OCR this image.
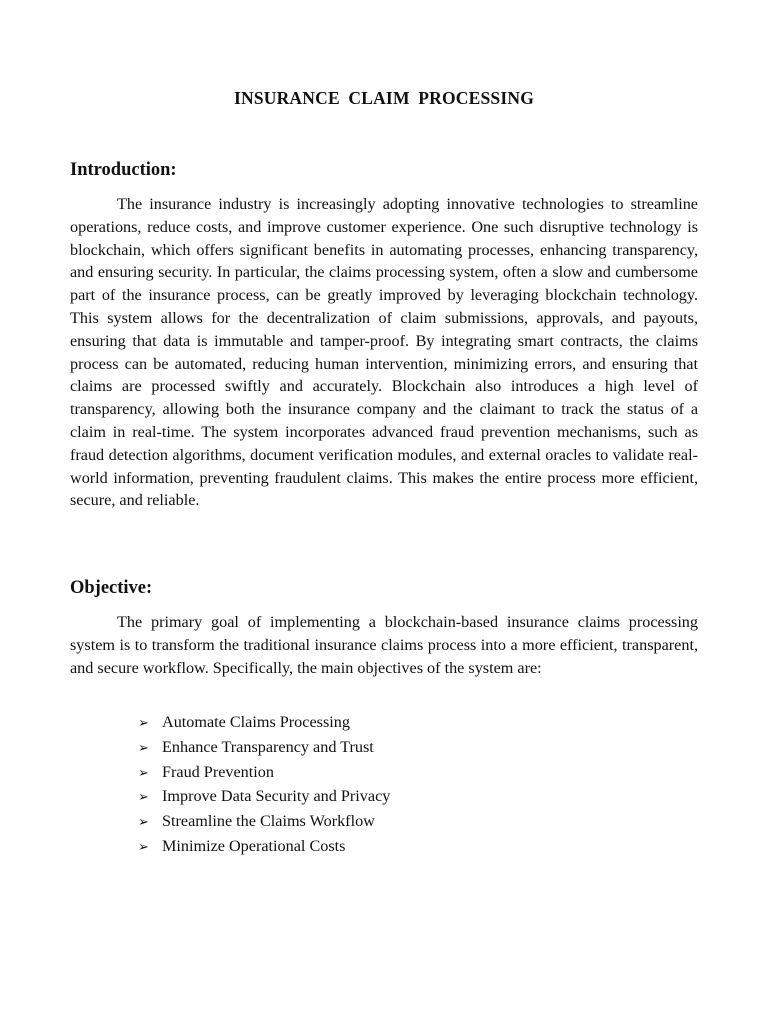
INSURANCE CLAIM PROCESSING
Introduction:

The insurance industry is increasingly adopting innovative technologies to streamline operations, reduce costs, and improve customer experience. One such disruptive technology is blockchain, which offers significant benefits in automating processes, enhancing transparency, and ensuring security. In particular, the claims processing system, often a slow and cumbersome part of the insurance process, can be greatly improved by leveraging blockchain technology. This system allows for the decentralization of claim submissions, approvals, and payouts, ensuring that data is immutable and tamper-proof. By integrating smart contracts, the claims process can be automated, reducing human intervention, minimizing errors, and ensuring that claims are processed swiftly and accurately. Blockchain also introduces a high level of transparency, allowing both the insurance company and the claimant to track the status of a claim in real-time. The system incorporates advanced fraud prevention mechanisms, such as fraud detection algorithms, document verification modules, and external oracles to validate real-world information, preventing fraudulent claims. This makes the entire process more efficient, secure, and reliable.

Objective:

The primary goal of implementing a blockchain-based insurance claims processing system is to transform the traditional insurance claims process into a more efficient, transparent, and secure workflow. Specifically, the main objectives of the system are:

➢ Automate Claims Processing
➢ Enhance Transparency and Trust
➢ Fraud Prevention
➢ Improve Data Security and Privacy
➢ Streamline the Claims Workflow
➢ Minimize Operational Costs
